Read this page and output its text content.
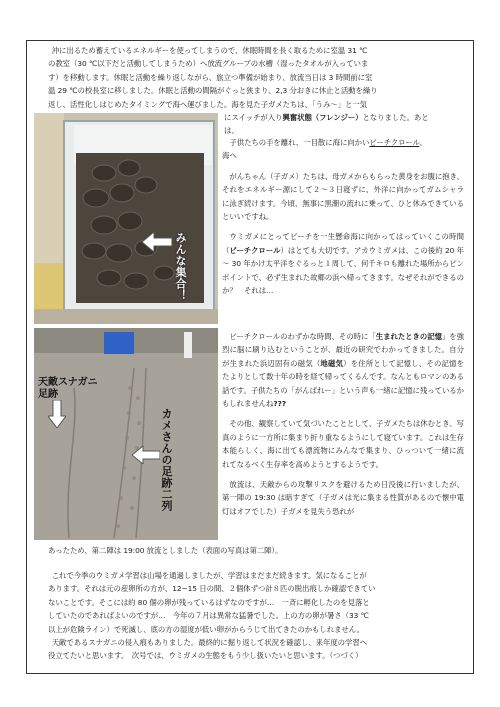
沖に出るため蓄えているエネルギーを使ってしまうので、休眠時間を長く取るために室温 31 ℃

の教室（30 ℃以下だと活動してしまうため）へ放流グループの水槽（湿ったタオルが入っていま

す）を移動します。休眠と活動を繰り返しながら、旅立つ準備が始まり、放流当日は 3 時間前に室

温 29 ℃の校長室に移しました。休眠と活動の間隔がぐっと狭まり、2,3 分おきに休止と活動を繰り

返し、活性化しはじめたタイミングで海へ運びました。海を見た子ガメたちは、「うみ〜」と一気

にスイッチが入り興奮状態（フレンジー）となりました。あと

は、

みんな集合！

子供たちの手を離れ、一目散に海に向かいビーチクロール、

海へ

がんちゃん（子ガメ）たちは、母ガメからもらった黄身をお腹に抱き、それをエネルギー源にして２～３日寝ずに、外洋に向かってガムシャラに泳ぎ続けます。今頃、無事に黒潮の流れに乗って、ひと休みできているといいですね。

ウミガメにとってビーチを一生懸命海に向かってはっていくこの時間（ビーチクロール）はとても大切です。アカウミガメは、この後約 20 年～ 30 年かけ太平洋をぐるっと１周して、何千キロも離れた場所からピンポイントで、必ず生まれた故郷の浜へ帰ってきます。なぜそれができるのか？　それは…

天敵スナガニ足跡
カメさんの足跡二列

ビーチクロールのわずかな時間、その時に「生まれたときの記憶」を強烈に脳に刷り込むということが、最近の研究でわかってきました。自分が生まれた浜辺固有の磁気（地磁気）を住所として記憶し、その記憶をたよりとして数十年の時を経て帰ってくるんです。なんともロマンのある話です。子供たちの「がんばれー」という声も一緒に記憶に残っているかもしれませんね???

その他、観察していて気づいたこととして、子ガメたちは休むとき、写真のように一方所に集まり折り重なるようにして寝ています。これは生存本能らしく、海に出ても漂流物にみんなで集まり、ひっついて一緒に流れてなるべく生存率を高めようとするようです。

放流は、天敵からの攻撃リスクを避けるため日没後に行いましたが、第一陣の 19:30 は暗すぎて（子ガメは光に集まる性質があるので懐中電灯はオフでした）子ガメを見失う恐れが

あったため、第二陣は 19:00 放流としました（表面の写真は第二陣）。

これで今季のウミガメ学習は山場を通過しましたが、学習はまだまだ続きます。気になることが

あります。それは元の産卵所の方が、12~15 日の間、２個体ずつ計８匹の脱出痕しか確認できてい

ないことです。そこには約 80 個の卵が残っているはずなのですが…　一斉に孵化したのを見落と

していたのであればよいのですが…　今年の７月は異常な猛暑でした。上の方の卵が暑さ（33 ℃

以上が危険ライン）で死滅し、底の方の湿度が低い卵がからうじて出てきたのかもしれません。

天敵であるスナガニの侵入痕もありました。最終的に掘り返して状況を確認し、来年度の学習へ

役立てたいと思います。　次号では、ウミガメの生態をもう少し扱いたいと思います。（つづく）
